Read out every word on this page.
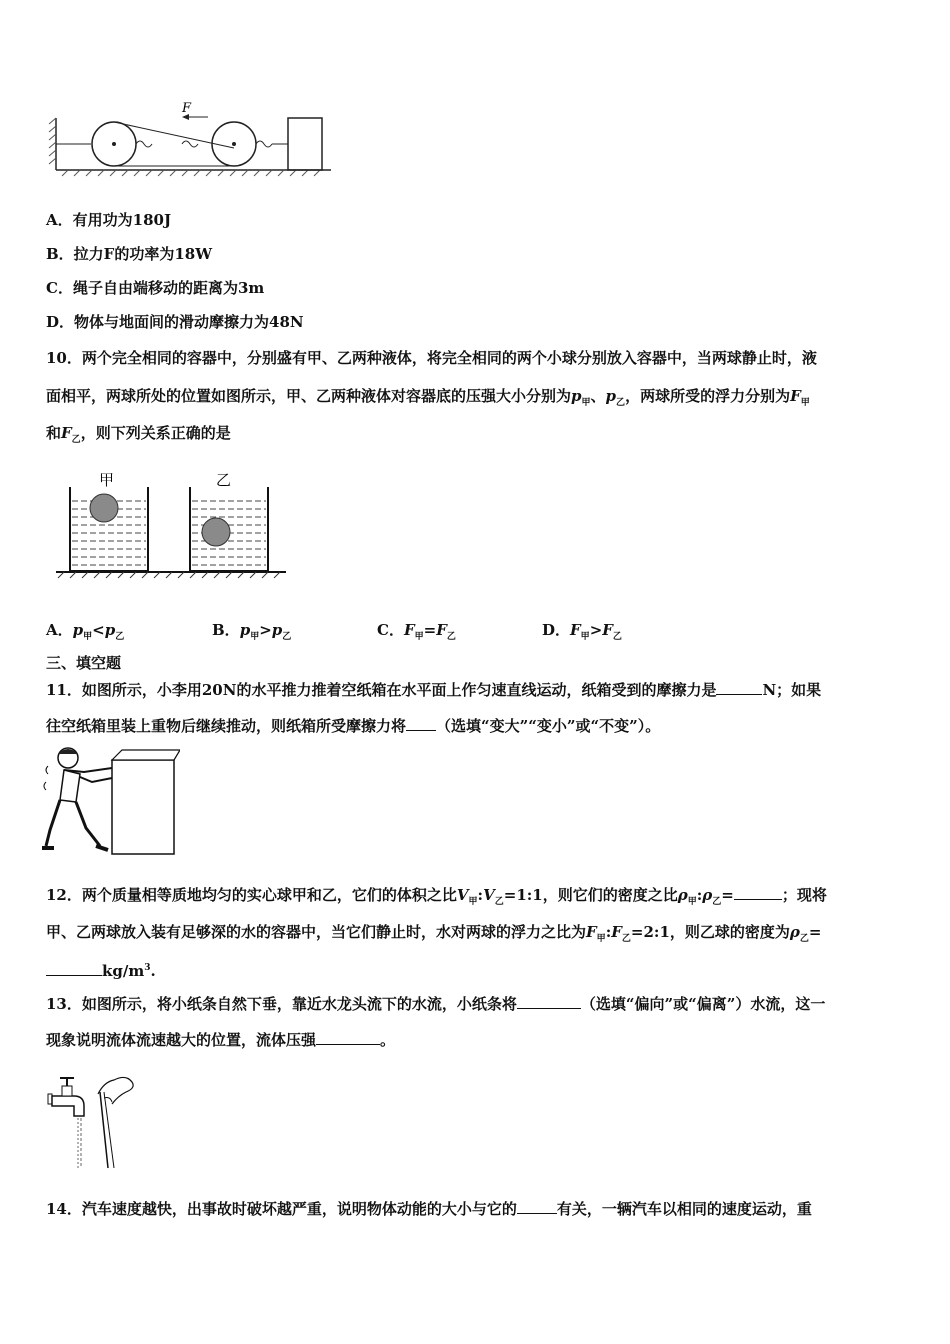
F
A．有用功为180J
B．拉力F的功率为18W
C．绳子自由端移动的距离为3m
D．物体与地面间的滑动摩擦力为48N
10．两个完全相同的容器中，分别盛有甲、乙两种液体，将完全相同的两个小球分别放入容器中，当两球静止时，液
面相平，两球所处的位置如图所示，甲、乙两种液体对容器底的压强大小分别为$p_甲$、$p_乙$，两球所受的浮力分别为$F_甲$
和$F_乙$，则下列关系正确的是
甲	乙
A．$p_甲<p_乙$	B．$p_甲>p_乙$	C．$F_甲=F_乙$	D．$F_甲>F_乙$
三、填空题
11．如图所示，小李用20N的水平推力推着空纸箱在水平面上作匀速直线运动，纸箱受到的摩擦力是	N；如果
往空纸箱里装上重物后继续推动，则纸箱所受摩擦力将 （选填“变大”“变小”或“不变”）。
12．两个质量相等质地均匀的实心球甲和乙，它们的体积之比$V_甲:V_乙=1:1$，则它们的密度之比$\rho_甲:\rho_乙=$	；现将
甲、乙两球放入装有足够深的水的容器中，当它们静止时，水对两球的浮力之比为$F_甲:F_乙=2:1$，则乙球的密度为$\rho_乙=$
$kg/m^3$.
13．如图所示，将小纸条自然下垂，靠近水龙头流下的水流，小纸条将	（选填“偏向”或“偏离”）水流，这一
现象说明流体流速越大的位置，流体压强	。
14．汽车速度越快，出事故时破坏越严重，说明物体动能的大小与它的	有关，一辆汽车以相同的速度运动，重
